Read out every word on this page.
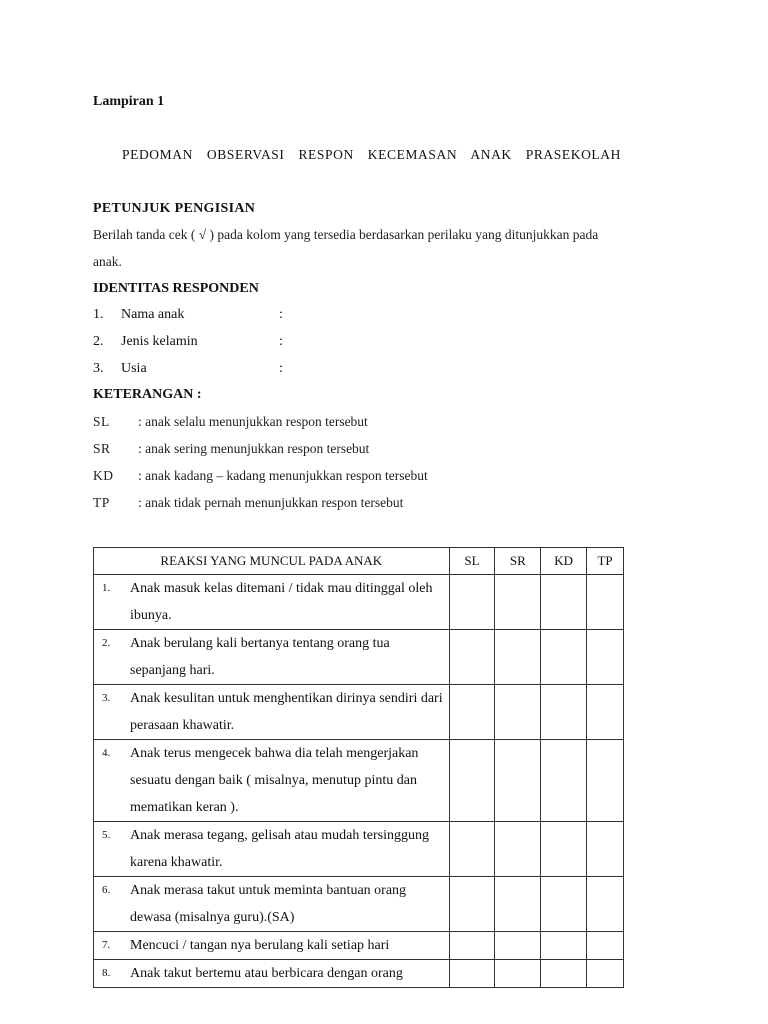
Lampiran 1
PEDOMAN  OBSERVASI  RESPON  KECEMASAN  ANAK  PRASEKOLAH
PETUNJUK PENGISIAN
Berilah tanda cek ( √ ) pada kolom yang tersedia berdasarkan perilaku yang ditunjukkan pada
anak.
IDENTITAS RESPONDEN
1.	Nama anak	:
2.	Jenis kelamin	:
3.	Usia	:
KETERANGAN :
SL	: anak selalu menunjukkan respon tersebut
SR	: anak sering menunjukkan respon tersebut
KD	: anak kadang – kadang menunjukkan respon tersebut
TP	: anak tidak pernah menunjukkan respon tersebut
REAKSI YANG MUNCUL PADA ANAK	SL	SR	KD	TP

1. Anak masuk kelas ditemani / tidak mau ditinggal oleh ibunya.				

2. Anak berulang kali bertanya tentang orang tua sepanjang hari.				

3. Anak kesulitan untuk menghentikan dirinya sendiri dari perasaan khawatir.				

4. Anak terus mengecek bahwa dia telah mengerjakan sesuatu dengan baik ( misalnya, menutup pintu dan mematikan keran ).				

5. Anak merasa tegang, gelisah atau mudah tersinggung karena khawatir.				

6. Anak merasa takut untuk meminta bantuan orang dewasa (misalnya guru).(SA)				

7. Mencuci / tangan nya berulang kali setiap hari				

8. Anak takut bertemu atau berbicara dengan orang				
